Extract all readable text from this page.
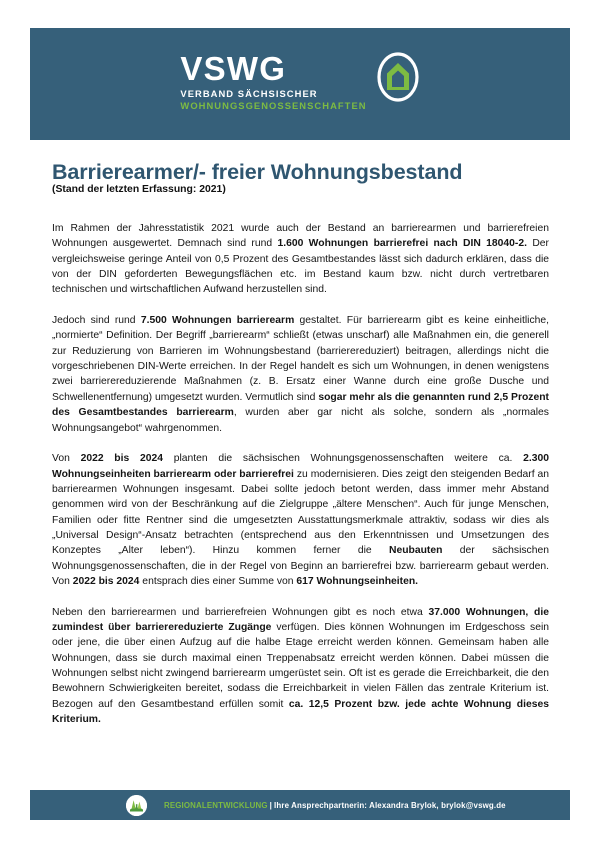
VSWG
VERBAND SÄCHSISCHER
WOHNUNGSGENOSSENSCHAFTEN
Barrierearmer/- freier Wohnungsbestand
(Stand der letzten Erfassung: 2021)

Im Rahmen der Jahresstatistik 2021 wurde auch der Bestand an barrierearmen und barrierefreien Wohnungen ausgewertet. Demnach sind rund 1.600 Wohnungen barrierefrei nach DIN 18040-2. Der vergleichsweise geringe Anteil von 0,5 Prozent des Gesamtbestandes lässt sich dadurch erklären, dass die von der DIN geforderten Bewegungsflächen etc. im Bestand kaum bzw. nicht durch vertretbaren technischen und wirtschaftlichen Aufwand herzustellen sind.

Jedoch sind rund 7.500 Wohnungen barrierearm gestaltet. Für barrierearm gibt es keine einheitliche, „normierte“ Definition. Der Begriff „barrierearm“ schließt (etwas unscharf) alle Maßnahmen ein, die generell zur Reduzierung von Barrieren im Wohnungsbestand (barrierereduziert) beitragen, allerdings nicht die vorgeschriebenen DIN-Werte erreichen. In der Regel handelt es sich um Wohnungen, in denen wenigstens zwei barrierereduzierende Maßnahmen (z. B. Ersatz einer Wanne durch eine große Dusche und Schwellenentfernung) umgesetzt wurden. Vermutlich sind sogar mehr als die genannten rund 2,5 Prozent des Gesamtbestandes barrierearm, wurden aber gar nicht als solche, sondern als „normales Wohnungsangebot“ wahrgenommen.

Von 2022 bis 2024 planten die sächsischen Wohnungsgenossenschaften weitere ca. 2.300 Wohnungseinheiten barrierearm oder barrierefrei zu modernisieren. Dies zeigt den steigenden Bedarf an barrierearmen Wohnungen insgesamt. Dabei sollte jedoch betont werden, dass immer mehr Abstand genommen wird von der Beschränkung auf die Zielgruppe „ältere Menschen“. Auch für junge Menschen, Familien oder fitte Rentner sind die umgesetzten Ausstattungsmerkmale attraktiv, sodass wir dies als „Universal Design“-Ansatz betrachten (entsprechend aus den Erkenntnissen und Umsetzungen des Konzeptes „Alter leben“). Hinzu kommen ferner die Neubauten der sächsischen Wohnungsgenossenschaften, die in der Regel von Beginn an barrierefrei bzw. barrierearm gebaut werden. Von 2022 bis 2024 entsprach dies einer Summe von 617 Wohnungseinheiten.

Neben den barrierearmen und barrierefreien Wohnungen gibt es noch etwa 37.000 Wohnungen, die zumindest über barrierereduzierte Zugänge verfügen. Dies können Wohnungen im Erdgeschoss sein oder jene, die über einen Aufzug auf die halbe Etage erreicht werden können. Gemeinsam haben alle Wohnungen, dass sie durch maximal einen Treppenabsatz erreicht werden können. Dabei müssen die Wohnungen selbst nicht zwingend barrierearm umgerüstet sein. Oft ist es gerade die Erreichbarkeit, die den Bewohnern Schwierigkeiten bereitet, sodass die Erreichbarkeit in vielen Fällen das zentrale Kriterium ist. Bezogen auf den Gesamtbestand erfüllen somit ca. 12,5 Prozent bzw. jede achte Wohnung dieses Kriterium.

REGIONALENTWICKLUNG | Ihre Ansprechpartnerin: Alexandra Brylok, brylok@vswg.de
